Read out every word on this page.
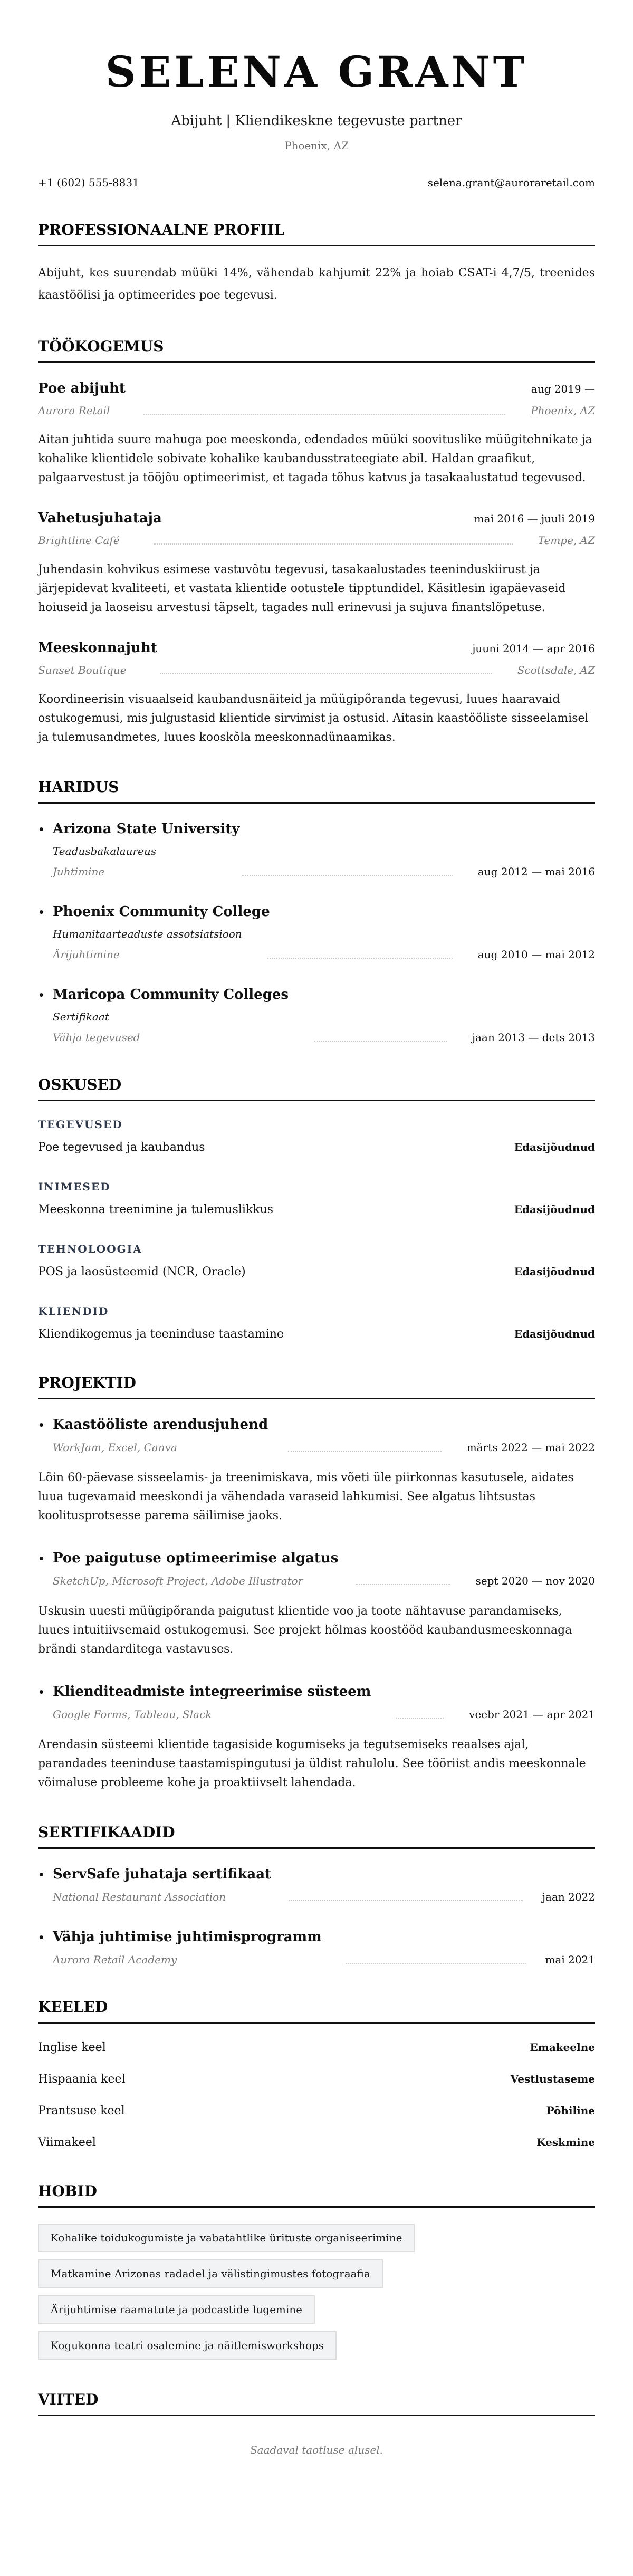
SELENA GRANT
Abijuht | Kliendikeskne tegevuste partner
Phoenix, AZ
+1 (602) 555-8831	selena.grant@auroraretail.com
PROFESSIONAALNE PROFIIL

Abijuht, kes suurendab müüki 14%, vähendab kahjumit 22% ja hoiab CSAT-i 4,7/5, treenides kaastöölisi ja optimeerides poe tegevusi.

TÖÖKOGEMUS
Poe abijuht	aug 2019 —
Aurora Retail	Phoenix, AZ

Aitan juhtida suure mahuga poe meeskonda, edendades müüki soovituslike müügitehnikate ja kohalike klientidele sobivate kohalike kaubandusstrateegiate abil. Haldan graafikut, palgaarvestust ja tööjõu optimeerimist, et tagada tõhus katvus ja tasakaalustatud tegevused.

Vahetusjuhataja	mai 2016 — juuli 2019
Brightline Café	Tempe, AZ

Juhendasin kohvikus esimese vastuvõtu tegevusi, tasakaalustades teeninduskiirust ja järjepidevat kvaliteeti, et vastata klientide ootustele tipptundidel. Käsitlesin igapäevaseid hoiuseid ja laoseisu arvestusi täpselt, tagades null erinevusi ja sujuva finantslõpetuse.

Meeskonnajuht	juuni 2014 — apr 2016
Sunset Boutique	Scottsdale, AZ

Koordineerisin visuaalseid kaubandusnäiteid ja müügipõranda tegevusi, luues haaravaid ostukogemusi, mis julgustasid klientide sirvimist ja ostusid. Aitasin kaastööliste sisseelamisel ja tulemusandmetes, luues kooskõla meeskonnadünaamikas.

HARIDUS
• Arizona State University
Teadusbakalaureus
Juhtimine	aug 2012 — mai 2016
• Phoenix Community College
Humanitaarteaduste assotsiatsioon
Ärijuhtimine	aug 2010 — mai 2012
• Maricopa Community Colleges
Sertifikaat
Vähja tegevused	jaan 2013 — dets 2013
OSKUSED
TEGEVUSED
Poe tegevused ja kaubandus	Edasijõudnud
INIMESED
Meeskonna treenimine ja tulemuslikkus	Edasijõudnud
TEHNOLOOGIA
POS ja laosüsteemid (NCR, Oracle)	Edasijõudnud
KLIENDID
Kliendikogemus ja teeninduse taastamine	Edasijõudnud
PROJEKTID
• Kaastööliste arendusjuhend
WorkJam, Excel, Canva	märts 2022 — mai 2022

Lõin 60-päevase sisseelamis- ja treenimiskava, mis võeti üle piirkonnas kasutusele, aidates luua tugevamaid meeskondi ja vähendada varaseid lahkumisi. See algatus lihtsustas koolitusprotsesse parema säilimise jaoks.

• Poe paigutuse optimeerimise algatus
SketchUp, Microsoft Project, Adobe Illustrator	sept 2020 — nov 2020

Uskusin uuesti müügipõranda paigutust klientide voo ja toote nähtavuse parandamiseks, luues intuitiivsemaid ostukogemusi. See projekt hõlmas koostööd kaubandusmeeskonnaga brändi standarditega vastavuses.

• Klienditeadmiste integreerimise süsteem
Google Forms, Tableau, Slack	veebr 2021 — apr 2021

Arendasin süsteemi klientide tagasiside kogumiseks ja tegutsemiseks reaalses ajal, parandades teeninduse taastamispingutusi ja üldist rahulolu. See tööriist andis meeskonnale võimaluse probleeme kohe ja proaktiivselt lahendada.

SERTIFIKAADID
• ServSafe juhataja sertifikaat
National Restaurant Association	jaan 2022
• Vähja juhtimise juhtimisprogramm
Aurora Retail Academy	mai 2021
KEELED
Inglise keel	Emakeelne
Hispaania keel	Vestlustaseme
Prantsuse keel	Põhiline
Viimakeel	Keskmine
HOBID
Kohalike toidukogumiste ja vabatahtlike ürituste organiseerimine
Matkamine Arizonas radadel ja välistingimustes fotograafia
Ärijuhtimise raamatute ja podcastide lugemine
Kogukonna teatri osalemine ja näitlemisworkshops
VIITED

Saadaval taotluse alusel.
